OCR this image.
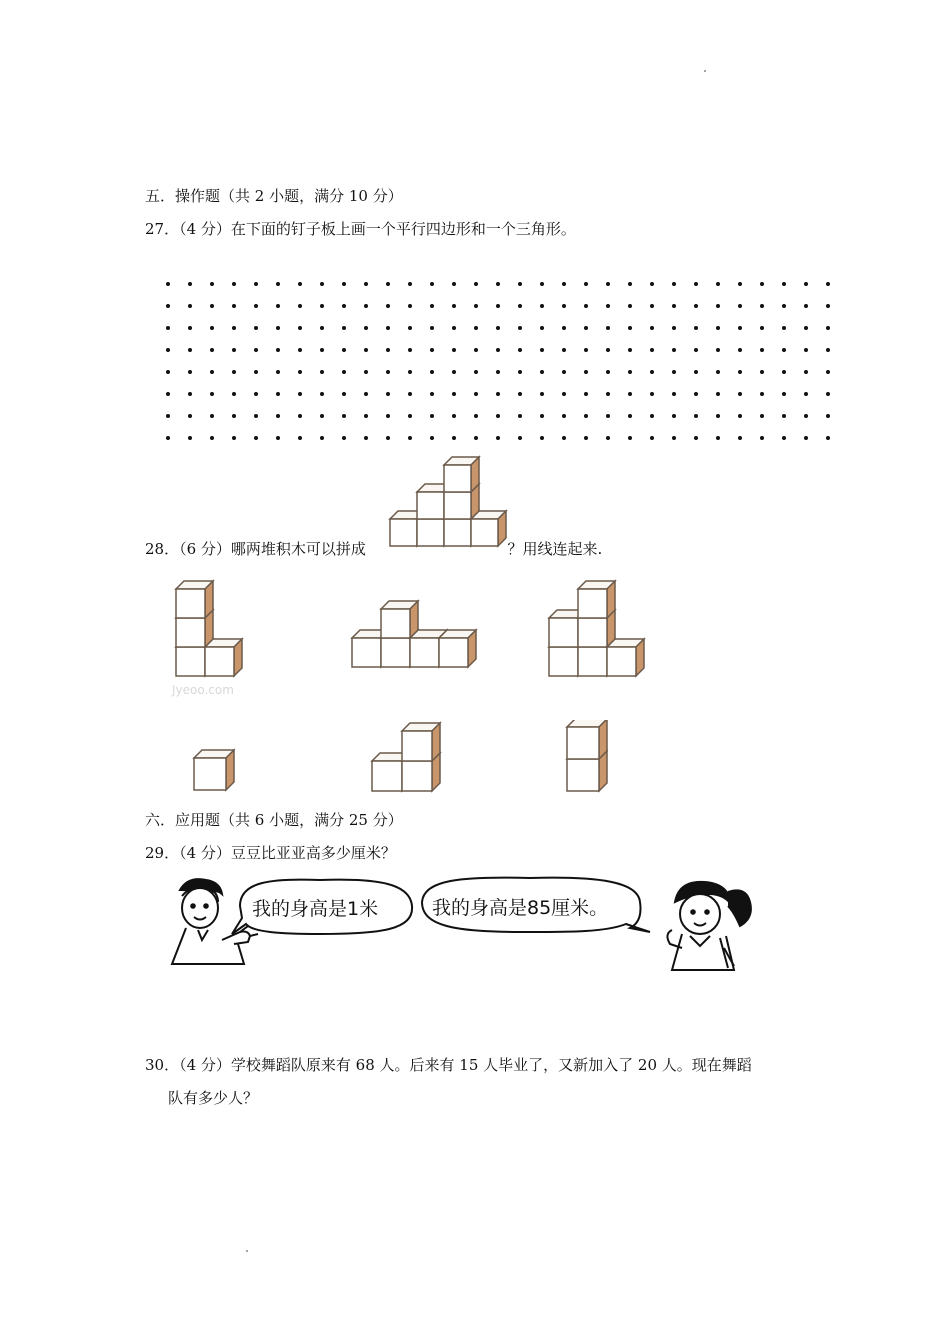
五．操作题（共 2 小题，满分 10 分）
27．（4 分）在下面的钉子板上画一个平行四边形和一个三角形。
28．（6 分）哪两堆积木可以拼成	？用线连起来.
Jyeoo.com
六．应用题（共 6 小题，满分 25 分）
29．（4 分）豆豆比亚亚高多少厘米？
我的身高是1米	我的身高是85厘米。
30．（4 分）学校舞蹈队原来有 68 人。后来有 15 人毕业了，又新加入了 20 人。现在舞蹈
队有多少人？
